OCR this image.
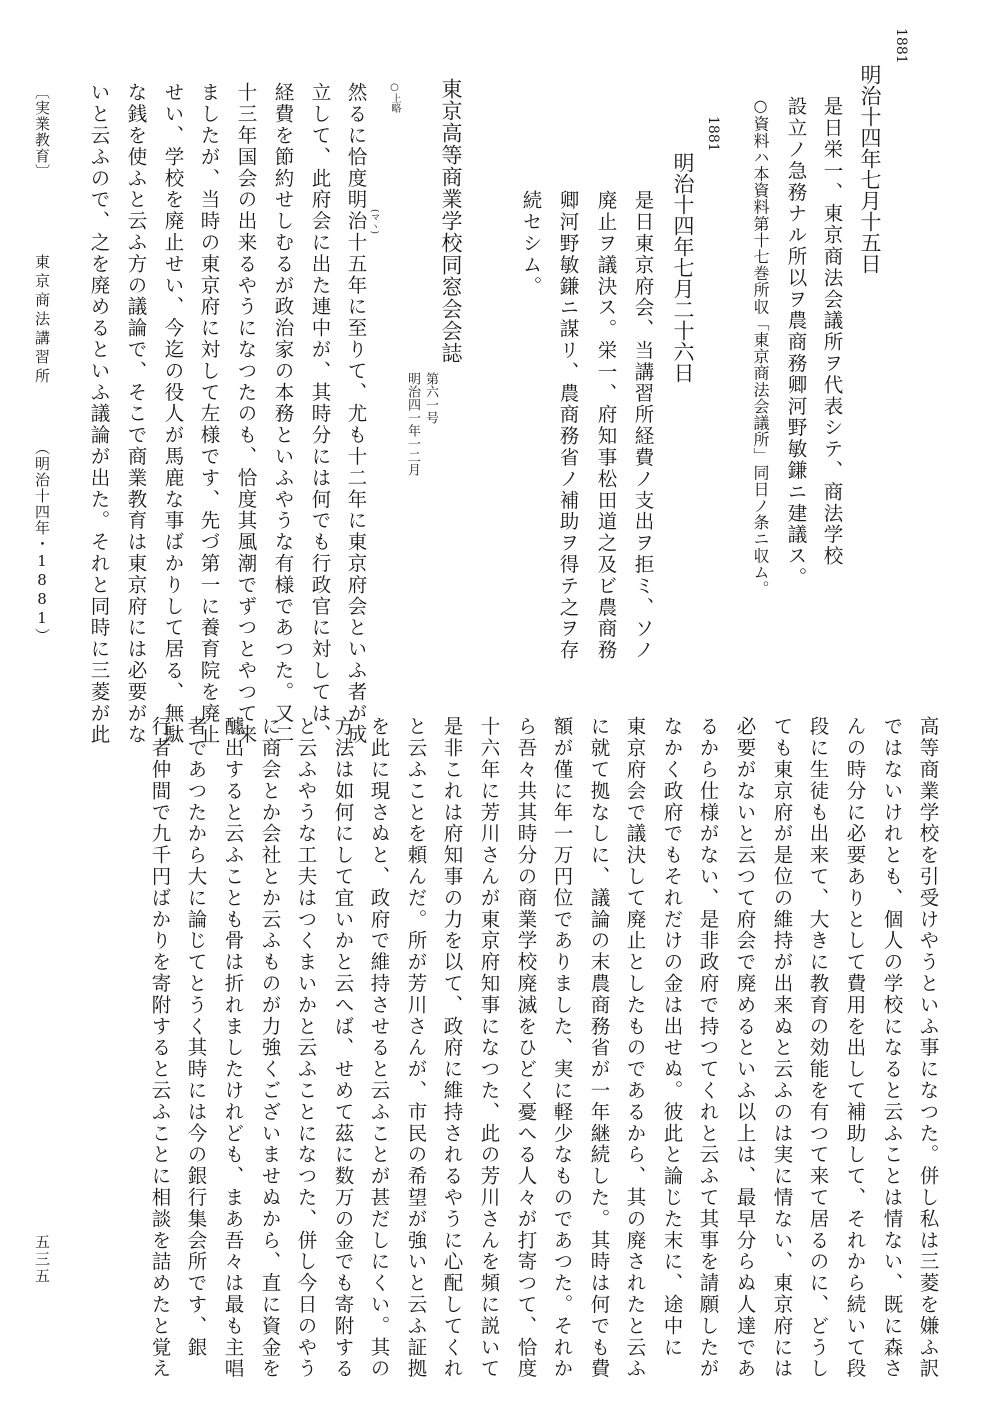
1881
明治十四年七月十五日
是日栄一、東京商法会議所ヲ代表シテ、商法学校
設立ノ急務ナル所以ヲ農商務卿河野敏鎌ニ建議ス。
○資料ハ本資料第十七巻所収「東京商法会議所」同日ノ条ニ収ム。
1881
明治十四年七月二十六日
是日東京府会、当講習所経費ノ支出ヲ拒ミ、ソノ
廃止ヲ議決ス。栄一、府知事松田道之及ビ農商務
卿河野敏鎌ニ謀リ、農商務省ノ補助ヲ得テ之ヲ存
続セシム。
東京高等商業学校同窓会会誌
第六一号
明治四一年一二月
○上略
(マヽ)
然るに恰度明治十五年に至りて、尤も十二年に東京府会といふ者が成
立して、此府会に出た連中が、其時分には何でも行政官に対しては、
経費を節約せしむるが政治家の本務といふやうな有様であつた。又二
十三年国会の出来るやうになつたのも、恰度其風潮でずつとやつて来
ましたが、当時の東京府に対して左様です、先づ第一に養育院を廃止
せい、学校を廃止せい、今迄の役人が馬鹿な事ばかりして居る、無駄
な銭を使ふと云ふ方の議論で、そこで商業教育は東京府には必要がな
いと云ふので、之を廃めるといふ議論が出た。それと同時に三菱が此
高等商業学校を引受けやうといふ事になつた。併し私は三菱を嫌ふ訳
ではないけれとも、個人の学校になると云ふことは情ない、既に森さ
んの時分に必要ありとして費用を出して補助して、それから続いて段
段に生徒も出来て、大きに教育の効能を有つて来て居るのに、どうし
ても東京府が是位の維持が出来ぬと云ふのは実に情ない、東京府には
必要がないと云つて府会で廃めるといふ以上は、最早分らぬ人達であ
るから仕様がない、是非政府で持つてくれと云ふて其事を請願したが
なかく政府でもそれだけの金は出せぬ。彼此と論じた末に、途中に
東京府会で議決して廃止としたものであるから、其の廃されたと云ふ
に就て拠なしに、議論の末農商務省が一年継続した。其時は何でも費
額が僅に年一万円位でありました、実に軽少なものであつた。それか
ら吾々共其時分の商業学校廃滅をひどく憂へる人々が打寄つて、恰度
十六年に芳川さんが東京府知事になつた、此の芳川さんを頻に説いて
是非これは府知事の力を以て、政府に維持されるやうに心配してくれ
と云ふことを頼んだ。所が芳川さんが、市民の希望が強いと云ふ証拠
を此に現さぬと、政府で維持させると云ふことが甚だしにくい。其の
方法は如何にして宜いかと云へば、せめて茲に数万の金でも寄附する
と云ふやうな工夫はつくまいかと云ふことになつた、併し今日のやう
に商会とか会社とか云ふものが力強くございませぬから、直に資金を
醵出すると云ふことも骨は折れましたけれども、まあ吾々は最も主唱
者であつたから大に論じてとうく其時には今の銀行集会所です、銀
行者仲間で九千円ばかりを寄附すると云ふことに相談を詰めたと覚え
〔実業教育〕
東京商法講習所
（明治十四年・1881）
五三五
